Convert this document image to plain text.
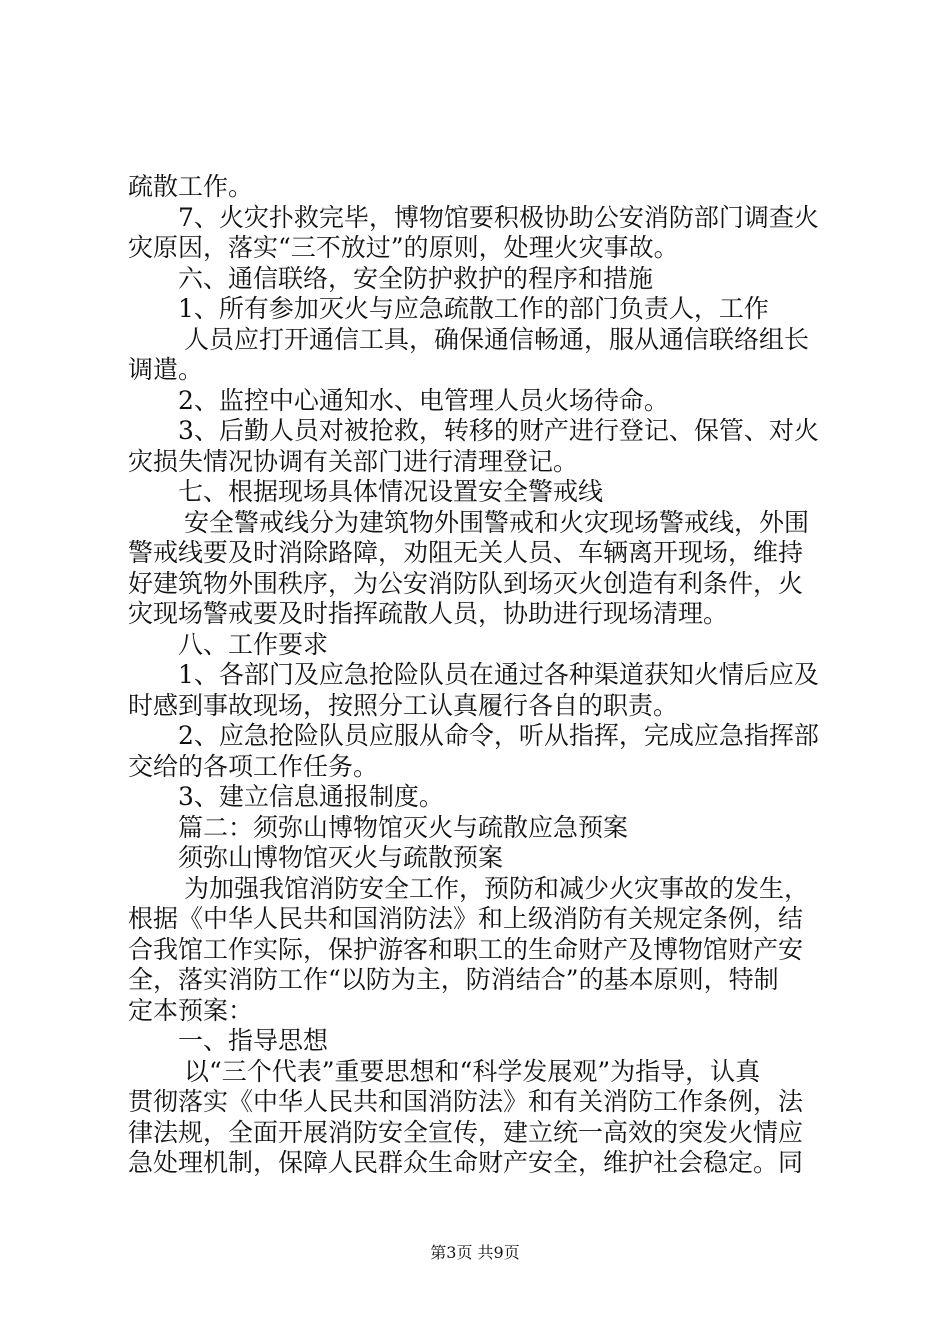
疏散工作。
7、火灾扑救完毕，博物馆要积极协助公安消防部门调查火
灾原因，落实“三不放过”的原则，处理火灾事故。
六、通信联络，安全防护救护的程序和措施
1、所有参加灭火与应急疏散工作的部门负责人，工作
人员应打开通信工具，确保通信畅通，服从通信联络组长
调遣。
2、监控中心通知水、电管理人员火场待命。
3、后勤人员对被抢救，转移的财产进行登记、保管、对火
灾损失情况协调有关部门进行清理登记。
七、根据现场具体情况设置安全警戒线
安全警戒线分为建筑物外围警戒和火灾现场警戒线，外围
警戒线要及时消除路障，劝阻无关人员、车辆离开现场，维持
好建筑物外围秩序，为公安消防队到场灭火创造有利条件，火
灾现场警戒要及时指挥疏散人员，协助进行现场清理。
八、工作要求
1、各部门及应急抢险队员在通过各种渠道获知火情后应及
时感到事故现场，按照分工认真履行各自的职责。
2、应急抢险队员应服从命令，听从指挥，完成应急指挥部
交给的各项工作任务。
3、建立信息通报制度。
篇二：须弥山博物馆灭火与疏散应急预案
须弥山博物馆灭火与疏散预案
为加强我馆消防安全工作，预防和减少火灾事故的发生，
根据《中华人民共和国消防法》和上级消防有关规定条例，结
合我馆工作实际，保护游客和职工的生命财产及博物馆财产安
全，落实消防工作“以防为主，防消结合”的基本原则，特制
定本预案：
一、指导思想
以“三个代表”重要思想和“科学发展观”为指导，认真
贯彻落实《中华人民共和国消防法》和有关消防工作条例，法
律法规，全面开展消防安全宣传，建立统一高效的突发火情应
急处理机制，保障人民群众生命财产安全，维护社会稳定。同
第3页 共9页
